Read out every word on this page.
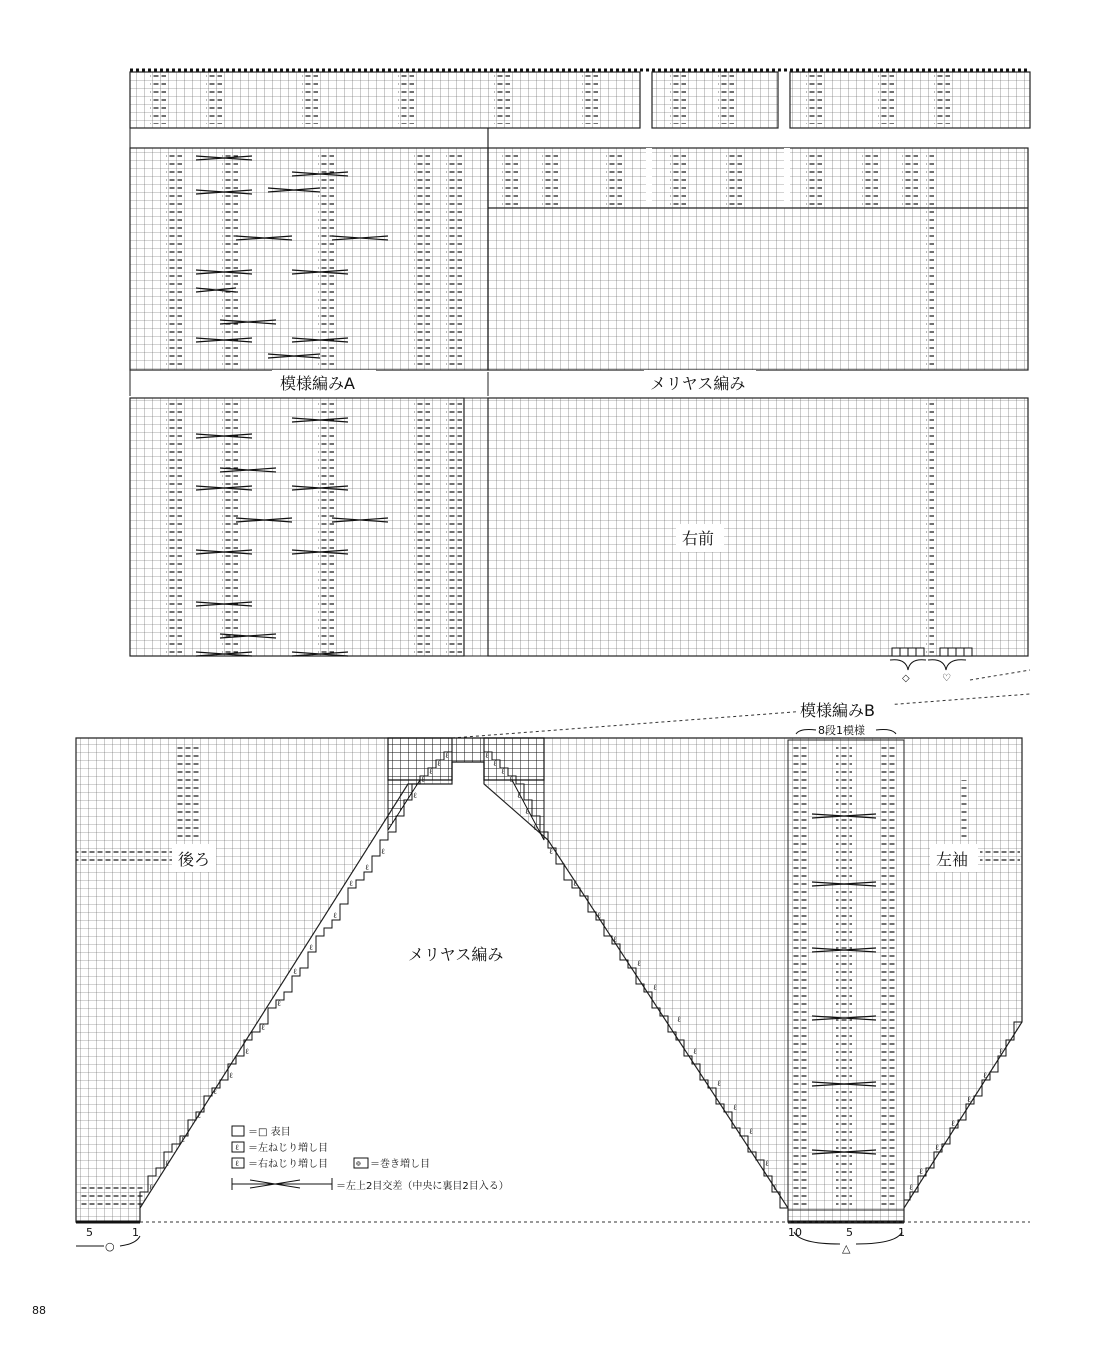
◇	♡
模様編みA	メリヤス編み
右前
ℓ
ℓ
ℓ
ℓ
ℓ
ℓ
ℓ
ℓ
ℓ
ℓ
ℓ
ℓ
ℓ
ℓ
ℓ
ℓ
ℓ
ℓ
ℓ
ℓ
ℓ
ℓ
ℓ
ℓ
ℓ
ℓ
ℓ
ℓ
ℓ
ℓ
ℓ
ℓ
ℓ
ℓ
ℓ
ℓ
ℓ
ℓ
ℓ
ℓ	ℓ
ℓ
ℓ
ℓ
ℓ
ℓ
ℓ
後ろ	左袖
メリヤス編み
模様編みB
8段1模様
5	1
○
10	5	1
△
＝□ 表目
ℓ ＝左ねじり増し目
ℓ ＝右ねじり増し目	⊚ ＝巻き増し目
＝左上2目交差（中央に裏目2目入る）
88
